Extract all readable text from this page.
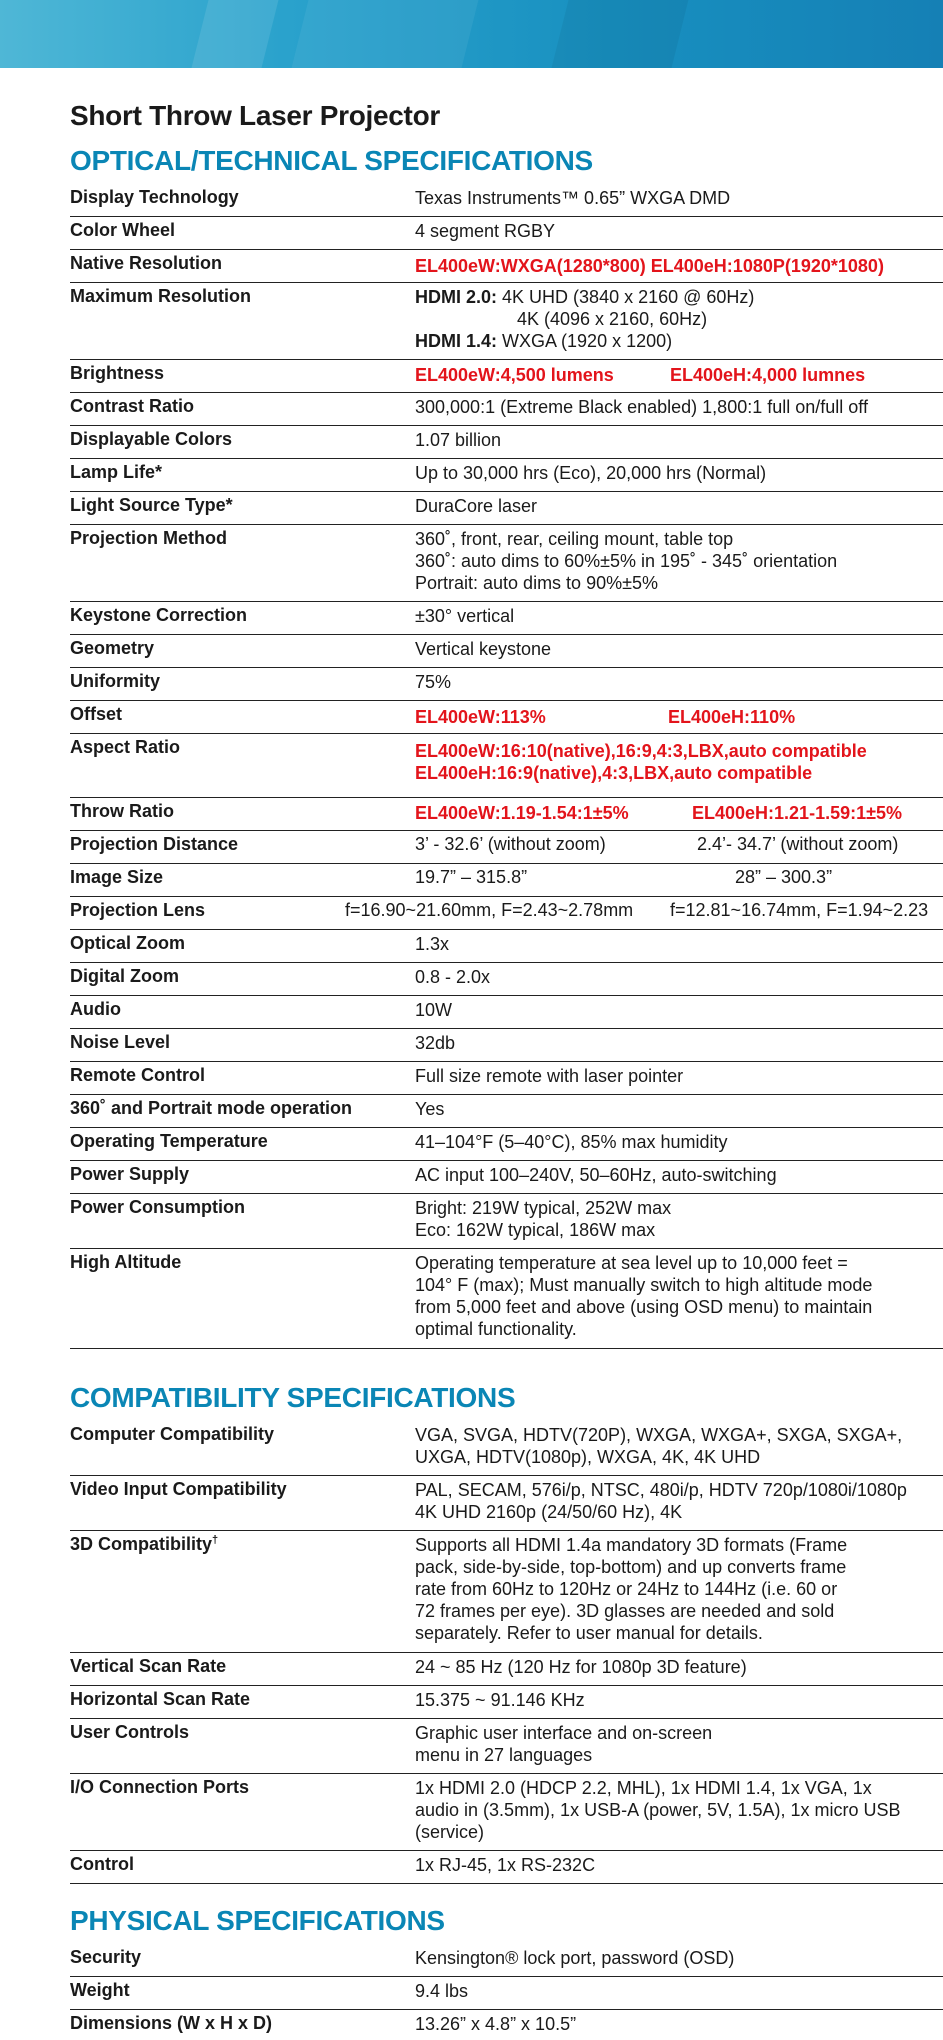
Short Throw Laser Projector
OPTICAL/TECHNICAL SPECIFICATIONS
Display Technology	Texas Instruments™ 0.65” WXGA DMD
Color Wheel	4 segment RGBY
Native Resolution	EL400eW:WXGA(1280*800) EL400eH:1080P(1920*1080)
Maximum Resolution	HDMI 2.0: 4K UHD (3840 x 2160 @ 60Hz)
4K (4096 x 2160, 60Hz)
HDMI 1.4: WXGA (1920 x 1200)
Brightness	EL400eW:4,500 lumens	EL400eH:4,000 lumnes
Contrast Ratio	300,000:1 (Extreme Black enabled) 1,800:1 full on/full off
Displayable Colors	1.07 billion
Lamp Life*	Up to 30,000 hrs (Eco), 20,000 hrs (Normal)
Light Source Type*	DuraCore laser
Projection Method	360˚, front, rear, ceiling mount, table top
360˚: auto dims to 60%±5% in 195˚ - 345˚ orientation
Portrait: auto dims to 90%±5%
Keystone Correction	±30° vertical
Geometry	Vertical keystone
Uniformity	75%
Offset	EL400eW:113%	EL400eH:110%
Aspect Ratio	EL400eW:16:10(native),16:9,4:3,LBX,auto compatible
EL400eH:16:9(native),4:3,LBX,auto compatible
Throw Ratio	EL400eW:1.19-1.54:1±5%	EL400eH:1.21-1.59:1±5%
Projection Distance	3’ - 32.6’ (without zoom)	2.4’- 34.7’ (without zoom)
Image Size	19.7” – 315.8”	28” – 300.3”
Projection Lens	f=16.90~21.60mm, F=2.43~2.78mm f=12.81~16.74mm, F=1.94~2.23
Optical Zoom	1.3x
Digital Zoom	0.8 - 2.0x
Audio	10W
Noise Level	32db
Remote Control	Full size remote with laser pointer
360˚ and Portrait mode operation	Yes
Operating Temperature	41–104°F (5–40°C), 85% max humidity
Power Supply	AC input 100–240V, 50–60Hz, auto-switching
Power Consumption	Bright: 219W typical, 252W max
Eco: 162W typical, 186W max
High Altitude	Operating temperature at sea level up to 10,000 feet =
104° F (max); Must manually switch to high altitude mode
from 5,000 feet and above (using OSD menu) to maintain
optimal functionality.
COMPATIBILITY SPECIFICATIONS
Computer Compatibility	VGA, SVGA, HDTV(720P), WXGA, WXGA+, SXGA, SXGA+,
UXGA, HDTV(1080p), WXGA, 4K, 4K UHD
Video Input Compatibility	PAL, SECAM, 576i/p, NTSC, 480i/p, HDTV 720p/1080i/1080p
4K UHD 2160p (24/50/60 Hz), 4K
3D Compatibility†	Supports all HDMI 1.4a mandatory 3D formats (Frame
pack, side-by-side, top-bottom) and up converts frame
rate from 60Hz to 120Hz or 24Hz to 144Hz (i.e. 60 or
72 frames per eye). 3D glasses are needed and sold
separately. Refer to user manual for details.
Vertical Scan Rate	24 ~ 85 Hz (120 Hz for 1080p 3D feature)
Horizontal Scan Rate	15.375 ~ 91.146 KHz
User Controls	Graphic user interface and on-screen
menu in 27 languages
I/O Connection Ports	1x HDMI 2.0 (HDCP 2.2, MHL), 1x HDMI 1.4, 1x VGA, 1x
audio in (3.5mm), 1x USB-A (power, 5V, 1.5A), 1x micro USB
(service)
Control	1x RJ-45, 1x RS-232C
PHYSICAL SPECIFICATIONS
Security	Kensington® lock port, password (OSD)
Weight	9.4 lbs
Dimensions (W x H x D)	13.26” x 4.8” x 10.5”
